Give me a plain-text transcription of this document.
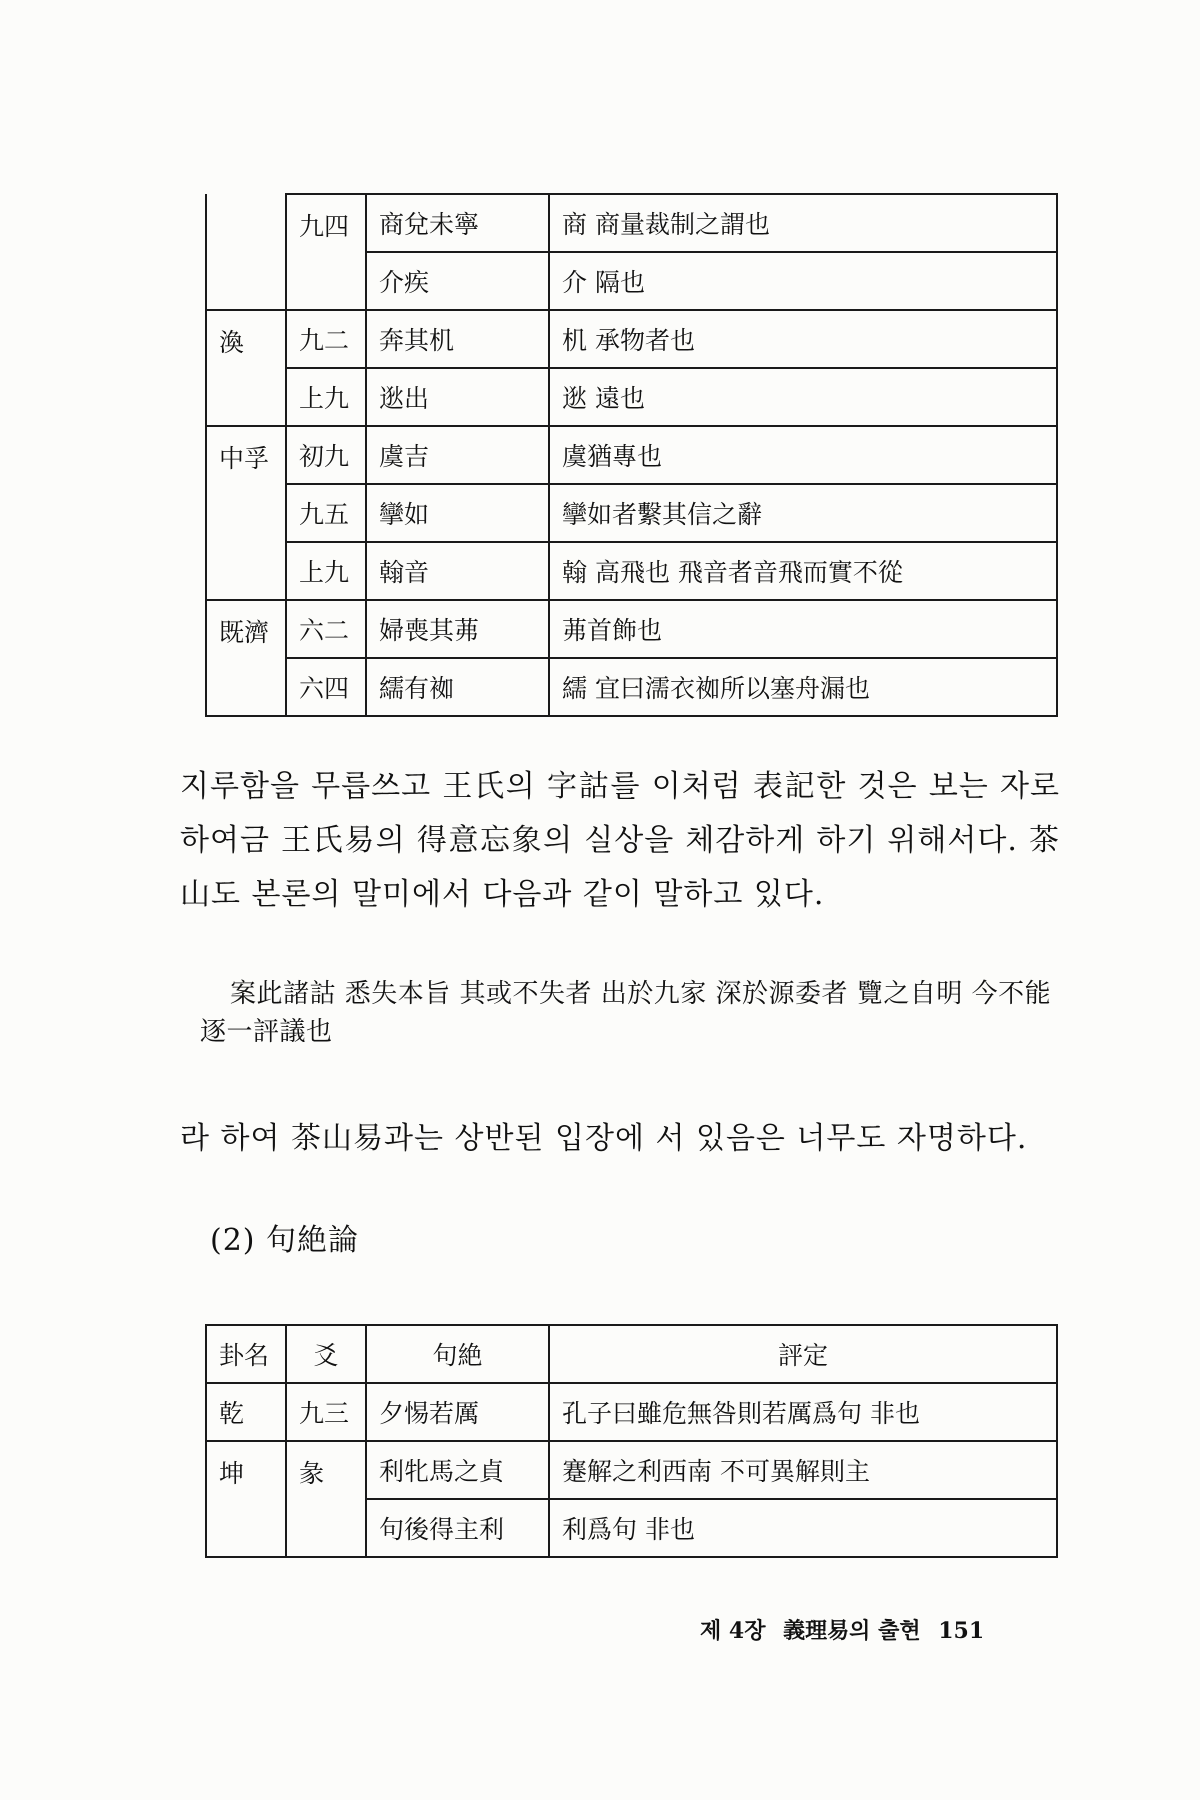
	九四	商兌未寧	商 商量裁制之謂也
		介疾	介 隔也
渙	九二	奔其机	机 承物者也
	上九	逖出	逖 遠也
中孚	初九	虞吉	虞猶專也
	九五	攣如	攣如者繫其信之辭
	上九	翰音	翰 高飛也 飛音者音飛而實不從
既濟	六二	婦喪其茀	茀首飾也
	六四	繻有袽	繻 宜曰濡衣袽所以塞舟漏也

지루함을 무릅쓰고 王氏의 字詁를 이처럼 表記한 것은 보는 자로 하여금 王氏易의 得意忘象의 실상을 체감하게 하기 위해서다. 茶山도 본론의 말미에서 다음과 같이 말하고 있다.

案此諸詁 悉失本旨 其或不失者 出於九家 深於源委者 覽之自明 今不能逐一評議也

라 하여 茶山易과는 상반된 입장에 서 있음은 너무도 자명하다.

(2) 句絶論
卦名	爻	句絶	評定
乾	九三	夕惕若厲	孔子曰雖危無咎則若厲爲句 非也
坤	彖	利牝馬之貞	蹇解之利西南 不可異解則主
		句後得主利	利爲句 非也
제 4장 義理易의 출현 151
